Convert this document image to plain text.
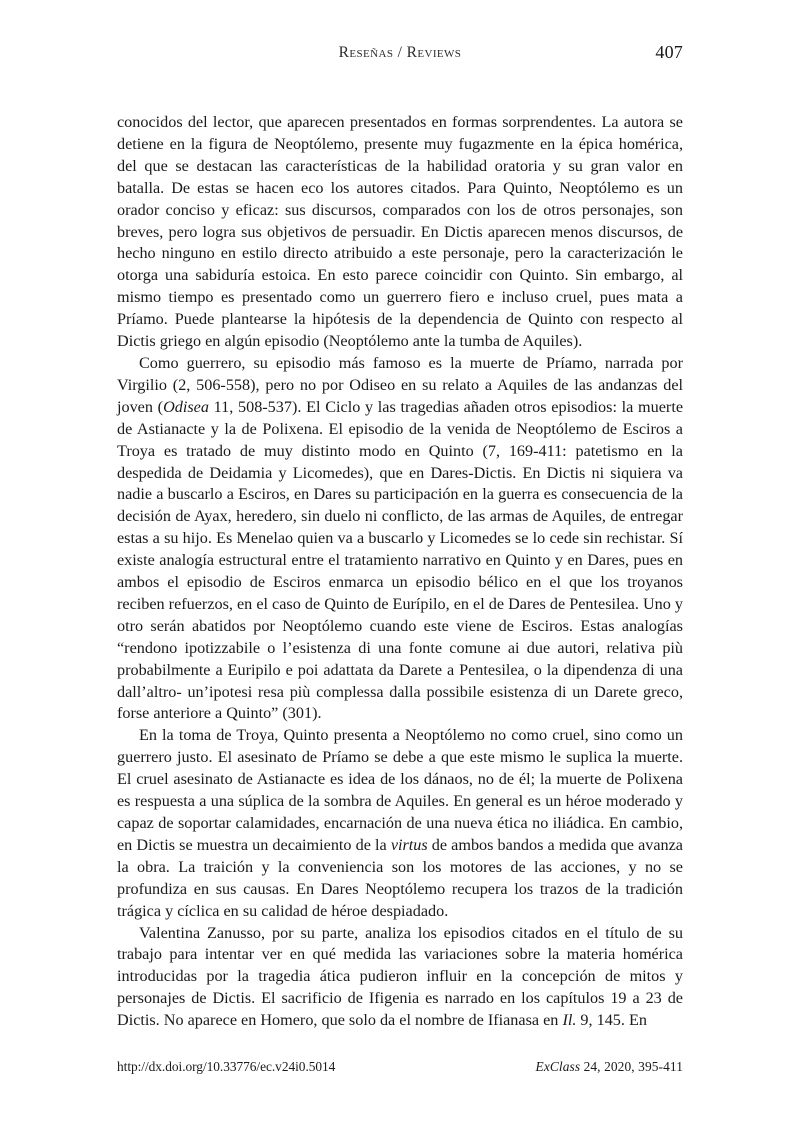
Reseñas / Reviews	407

conocidos del lector, que aparecen presentados en formas sorprendentes. La autora se detiene en la figura de Neoptólemo, presente muy fugazmente en la épica homérica, del que se destacan las características de la habilidad oratoria y su gran valor en batalla. De estas se hacen eco los autores citados. Para Quinto, Neoptólemo es un orador conciso y eficaz: sus discursos, comparados con los de otros personajes, son breves, pero logra sus objetivos de persuadir. En Dictis aparecen menos discursos, de hecho ninguno en estilo directo atribuido a este personaje, pero la caracterización le otorga una sabiduría estoica. En esto parece coincidir con Quinto. Sin embargo, al mismo tiempo es presentado como un guerrero fiero e incluso cruel, pues mata a Príamo. Puede plantearse la hipótesis de la dependencia de Quinto con respecto al Dictis griego en algún episodio (Neoptólemo ante la tumba de Aquiles).

Como guerrero, su episodio más famoso es la muerte de Príamo, narrada por Virgilio (2, 506-558), pero no por Odiseo en su relato a Aquiles de las andanzas del joven (Odisea 11, 508-537). El Ciclo y las tragedias añaden otros episodios: la muerte de Astianacte y la de Polixena. El episodio de la venida de Neoptólemo de Esciros a Troya es tratado de muy distinto modo en Quinto (7, 169-411: patetismo en la despedida de Deidamia y Licomedes), que en Dares-Dictis. En Dictis ni siquiera va nadie a buscarlo a Esciros, en Dares su participación en la guerra es consecuencia de la decisión de Ayax, heredero, sin duelo ni conflicto, de las armas de Aquiles, de entregar estas a su hijo. Es Menelao quien va a buscarlo y Licomedes se lo cede sin rechistar. Sí existe analogía estructural entre el tratamiento narrativo en Quinto y en Dares, pues en ambos el episodio de Esciros enmarca un episodio bélico en el que los troyanos reciben refuerzos, en el caso de Quinto de Eurípilo, en el de Dares de Pentesilea. Uno y otro serán abatidos por Neoptólemo cuando este viene de Esciros. Estas analogías “rendono ipotizzabile o l’esistenza di una fonte comune ai due autori, relativa più probabilmente a Euripilo e poi adattata da Darete a Pentesilea, o la dipendenza di una dall’altro- un’ipotesi resa più complessa dalla possibile esistenza di un Darete greco, forse anteriore a Quinto” (301).

En la toma de Troya, Quinto presenta a Neoptólemo no como cruel, sino como un guerrero justo. El asesinato de Príamo se debe a que este mismo le suplica la muerte. El cruel asesinato de Astianacte es idea de los dánaos, no de él; la muerte de Polixena es respuesta a una súplica de la sombra de Aquiles. En general es un héroe moderado y capaz de soportar calamidades, encarnación de una nueva ética no iliádica. En cambio, en Dictis se muestra un decaimiento de la virtus de ambos bandos a medida que avanza la obra. La traición y la conveniencia son los motores de las acciones, y no se profundiza en sus causas. En Dares Neoptólemo recupera los trazos de la tradición trágica y cíclica en su calidad de héroe despiadado.

Valentina Zanusso, por su parte, analiza los episodios citados en el título de su trabajo para intentar ver en qué medida las variaciones sobre la materia homérica introducidas por la tragedia ática pudieron influir en la concepción de mitos y personajes de Dictis. El sacrificio de Ifigenia es narrado en los capítulos 19 a 23 de Dictis. No aparece en Homero, que solo da el nombre de Ifianasa en Il. 9, 145. En

http://dx.doi.org/10.33776/ec.v24i0.5014	ExClass 24, 2020, 395-411
